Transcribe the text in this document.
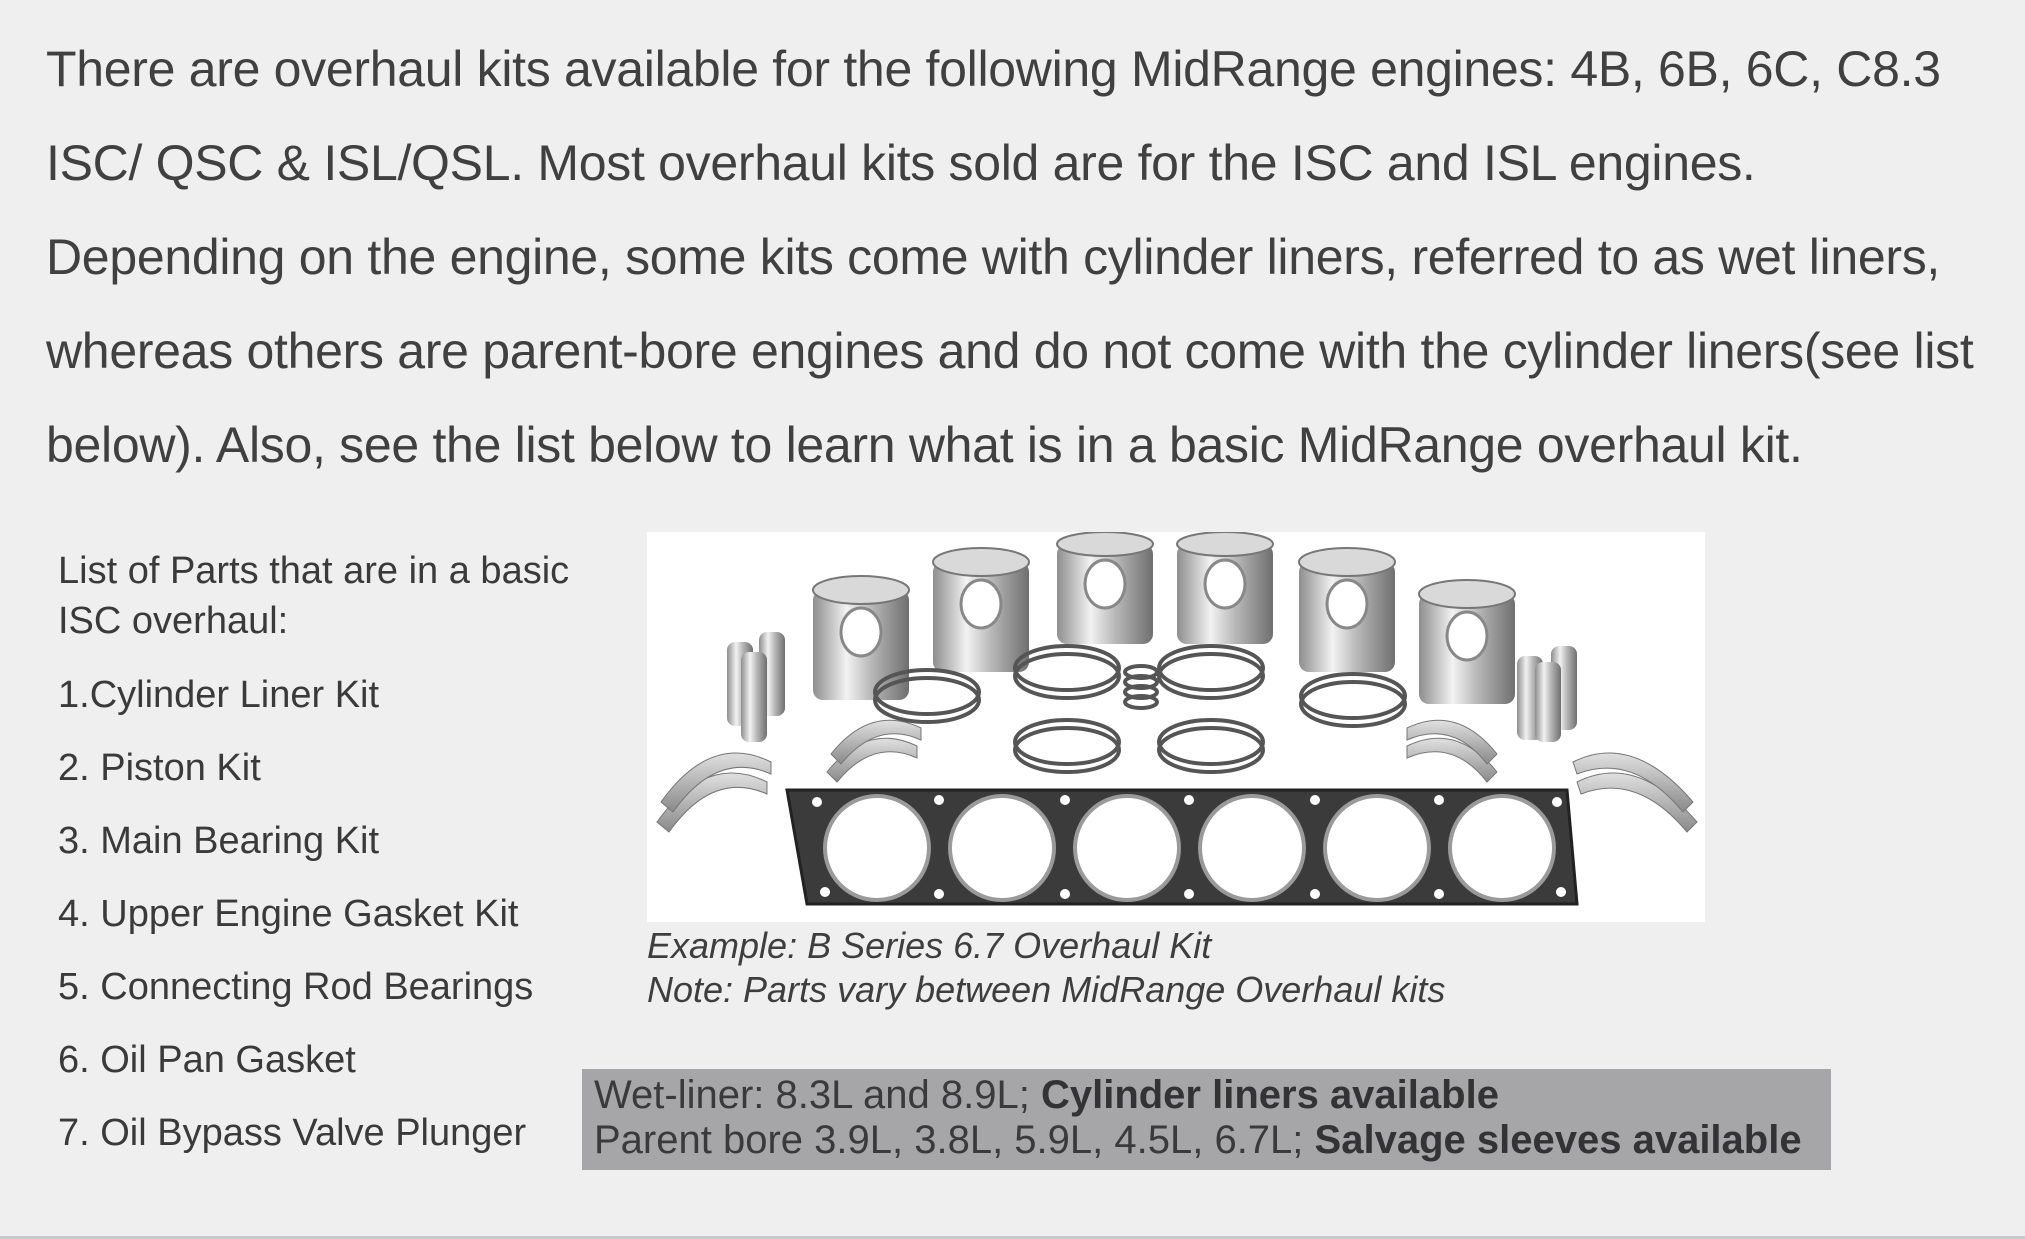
There are overhaul kits available for the following MidRange engines: 4B, 6B, 6C, C8.3 ISC/ QSC & ISL/QSL. Most overhaul kits sold are for the ISC and ISL engines. Depending on the engine, some kits come with cylinder liners, referred to as wet liners, whereas others are parent-bore engines and do not come with the cylinder liners(see list below). Also, see the list below to learn what is in a basic MidRange overhaul kit.

List of Parts that are in a basic ISC overhaul:

1.Cylinder Liner Kit
2. Piston Kit
3. Main Bearing Kit
4. Upper Engine Gasket Kit
5. Connecting Rod Bearings
6. Oil Pan Gasket
7. Oil Bypass Valve Plunger
Example: B Series 6.7 Overhaul Kit
Note: Parts vary between MidRange Overhaul kits
Wet-liner: 8.3L and 8.9L; Cylinder liners available
Parent bore 3.9L, 3.8L, 5.9L, 4.5L, 6.7L; Salvage sleeves available
